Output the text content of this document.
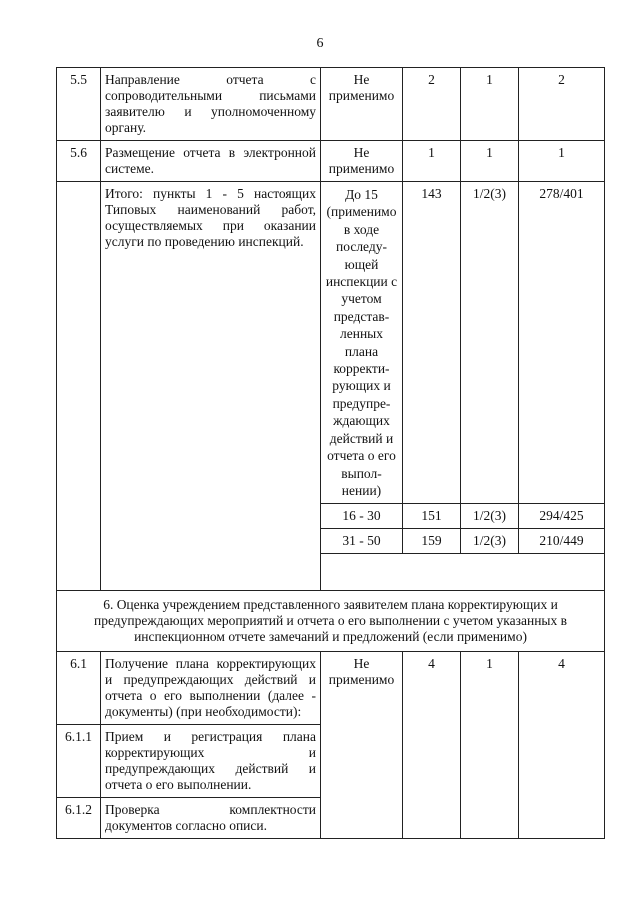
6
5.5	Направление отчета с сопроводительными письмами заявителю и уполномоченному органу.	Не применимо	2	1	2
5.6	Размещение отчета в электронной системе.	Не применимо	1	1	1
	Итого: пункты 1 - 5 настоящих Типовых наименований работ, осуществляемых при оказании услуги по проведению инспекций.	До 15 (применимо в ходе последу-ющей инспекции с учетом представ-ленных плана корректи-рующих и предупре-ждающих действий и отчета о его выпол-нении)	143	1/2(3)	278/401
		16 - 30	151	1/2(3)	294/425
		31 - 50	159	1/2(3)	210/449

6. Оценка учреждением представленного заявителем плана корректирующих и предупреждающих мероприятий и отчета о его выполнении с учетом указанных в инспекционном отчете замечаний и предложений (если применимо)					
6.1	Получение плана корректирующих и предупреждающих действий и отчета о его выполнении (далее - документы) (при необходимости):	Не применимо	4	1	4
6.1.1	Прием и регистрация плана корректирующих и предупреждающих действий и отчета о его выполнении.				
6.1.2	Проверка комплектности документов согласно описи.				
